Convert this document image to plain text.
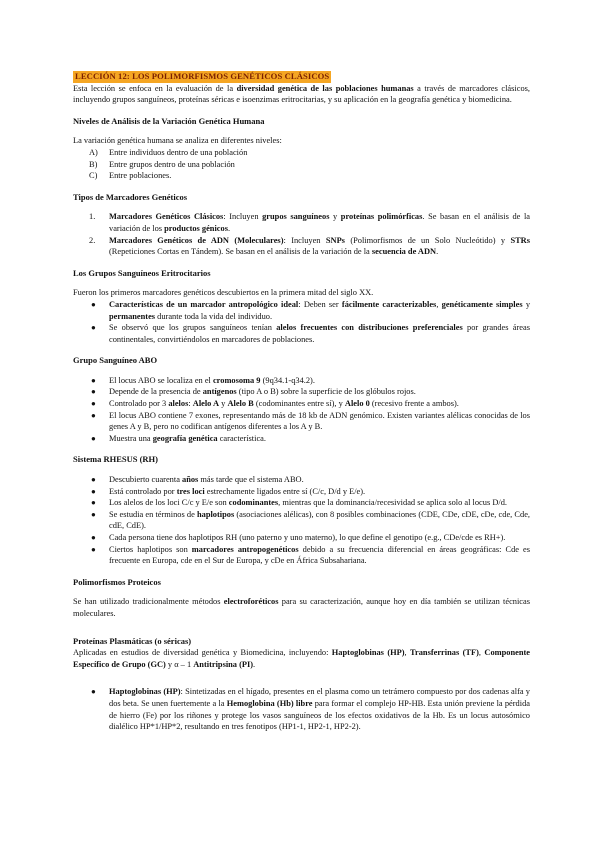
LECCIÓN 12: LOS POLIMORFISMOS GENÉTICOS CLÁSICOS

Esta lección se enfoca en la evaluación de la diversidad genética de las poblaciones humanas a través de marcadores clásicos, incluyendo grupos sanguíneos, proteínas séricas e isoenzimas eritrocitarias, y su aplicación en la geografía genética y biomedicina.

Niveles de Análisis de la Variación Genética Humana

La variación genética humana se analiza en diferentes niveles:

A) Entre individuos dentro de una población
B) Entre grupos dentro de una población
C) Entre poblaciones.
Tipos de Marcadores Genéticos
1. Marcadores Genéticos Clásicos: Incluyen grupos sanguíneos y proteínas polimórficas. Se basan en el análisis de la variación de los productos génicos.
2. Marcadores Genéticos de ADN (Moleculares): Incluyen SNPs (Polimorfismos de un Solo Nucleótido) y STRs (Repeticiones Cortas en Tándem). Se basan en el análisis de la variación de la secuencia de ADN.
Los Grupos Sanguíneos Eritrocitarios

Fueron los primeros marcadores genéticos descubiertos en la primera mitad del siglo XX.

● Características de un marcador antropológico ideal: Deben ser fácilmente caracterizables, genéticamente simples y permanentes durante toda la vida del individuo.
● Se observó que los grupos sanguíneos tenían alelos frecuentes con distribuciones preferenciales por grandes áreas continentales, convirtiéndolos en marcadores de poblaciones.
Grupo Sanguíneo ABO
● El locus ABO se localiza en el cromosoma 9 (9q34.1-q34.2).
● Depende de la presencia de antígenos (tipo A o B) sobre la superficie de los glóbulos rojos.
● Controlado por 3 alelos: Alelo A y Alelo B (codominantes entre sí), y Alelo 0 (recesivo frente a ambos).
● El locus ABO contiene 7 exones, representando más de 18 kb de ADN genómico. Existen variantes alélicas conocidas de los genes A y B, pero no codifican antígenos diferentes a los A y B.
● Muestra una geografía genética característica.
Sistema RHESUS (RH)
● Descubierto cuarenta años más tarde que el sistema ABO.
● Está controlado por tres loci estrechamente ligados entre sí (C/c, D/d y E/e).
● Los alelos de los loci C/c y E/e son codominantes, mientras que la dominancia/recesividad se aplica solo al locus D/d.
● Se estudia en términos de haplotipos (asociaciones alélicas), con 8 posibles combinaciones (CDE, CDe, cDE, cDe, cde, Cde, cdE, CdE).
● Cada persona tiene dos haplotipos RH (uno paterno y uno materno), lo que define el genotipo (e.g., CDe/cde es RH+).
● Ciertos haplotipos son marcadores antropogenéticos debido a su frecuencia diferencial en áreas geográficas: Cde es frecuente en Europa, cde en el Sur de Europa, y cDe en África Subsahariana.
Polimorfismos Proteicos

Se han utilizado tradicionalmente métodos electroforéticos para su caracterización, aunque hoy en día también se utilizan técnicas moleculares.

Proteínas Plasmáticas (o séricas)

Aplicadas en estudios de diversidad genética y Biomedicina, incluyendo: Haptoglobinas (HP), Transferrinas (TF), Componente Específico de Grupo (GC) y α – 1 Antitripsina (PI).

● Haptoglobinas (HP): Sintetizadas en el hígado, presentes en el plasma como un tetrámero compuesto por dos cadenas alfa y dos beta. Se unen fuertemente a la Hemoglobina (Hb) libre para formar el complejo HP-HB. Esta unión previene la pérdida de hierro (Fe) por los riñones y protege los vasos sanguíneos de los efectos oxidativos de la Hb. Es un locus autosómico dialélico HP*1/HP*2, resultando en tres fenotipos (HP1-1, HP2-1, HP2-2).
